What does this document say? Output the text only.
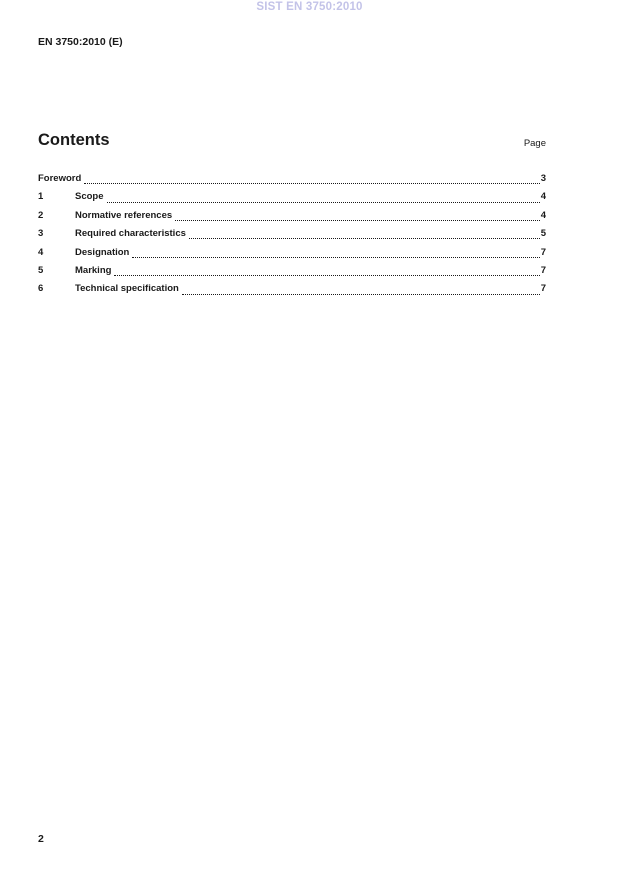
SIST EN 3750:2010
EN 3750:2010 (E)
Contents	Page
Foreword	3
1	Scope	4
2	Normative references	4
3	Required characteristics	5
4	Designation	7
5	Marking	7
6	Technical specification	7
2
